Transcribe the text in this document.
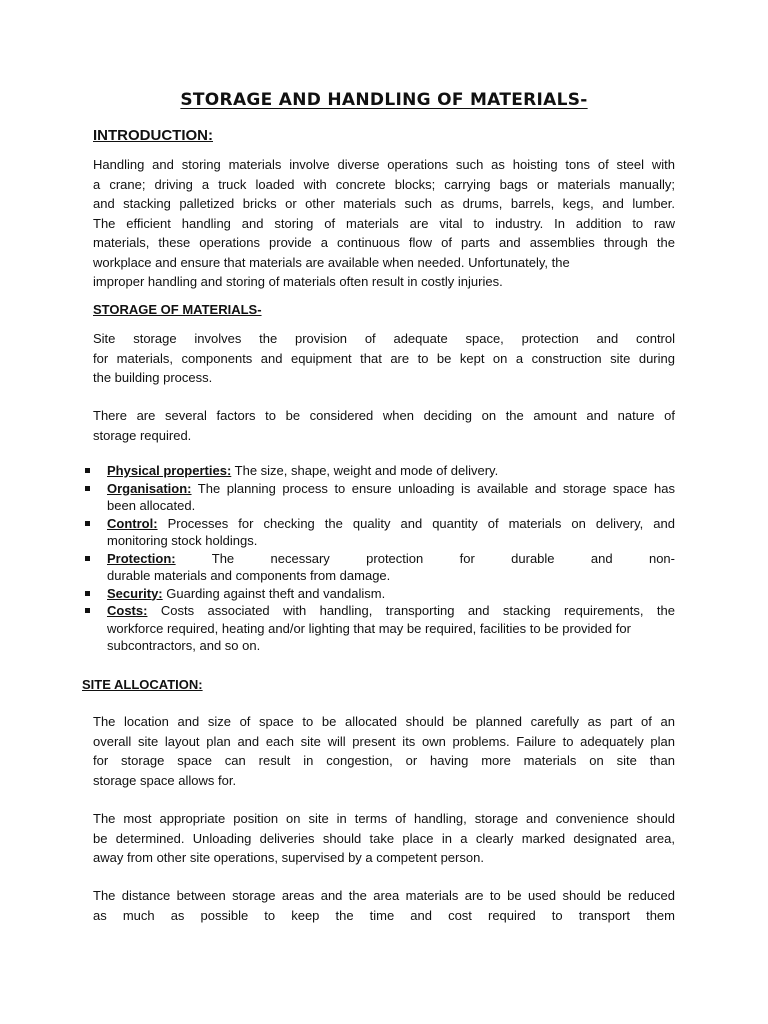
STORAGE AND HANDLING OF MATERIALS-
INTRODUCTION:
Handling and storing materials involve diverse operations such as hoisting tons of steel with
a crane; driving a truck loaded with concrete blocks; carrying bags or materials manually;
and stacking palletized bricks or other materials such as drums, barrels, kegs, and lumber.
The efficient handling and storing of materials are vital to industry. In addition to raw
materials, these operations provide a continuous flow of parts and assemblies through the
workplace and ensure that materials are available when needed. Unfortunately, the
improper handling and storing of materials often result in costly injuries.
STORAGE OF MATERIALS-
Site storage involves the provision of adequate space, protection and control
for materials, components and equipment that are to be kept on a construction site during
the building process.
There are several factors to be considered when deciding on the amount and nature of
storage required.
Physical properties: The size, shape, weight and mode of delivery.
Organisation: The planning process to ensure unloading is available and storage space has
been allocated.
Control: Processes for checking the quality and quantity of materials on delivery, and
monitoring stock holdings.
Protection: The necessary protection for durable and non-
durable materials and components from damage.
Security: Guarding against theft and vandalism.
Costs: Costs associated with handling, transporting and stacking requirements, the
workforce required, heating and/or lighting that may be required, facilities to be provided for subcontractors, and so on.
SITE ALLOCATION:
The location and size of space to be allocated should be planned carefully as part of an
overall site layout plan and each site will present its own problems. Failure to adequately plan
for storage space can result in congestion, or having more materials on site than
storage space allows for.
The most appropriate position on site in terms of handling, storage and convenience should
be determined. Unloading deliveries should take place in a clearly marked designated area,
away from other site operations, supervised by a competent person.
The distance between storage areas and the area materials are to be used should be reduced
as much as possible to keep the time and cost required to transport them
